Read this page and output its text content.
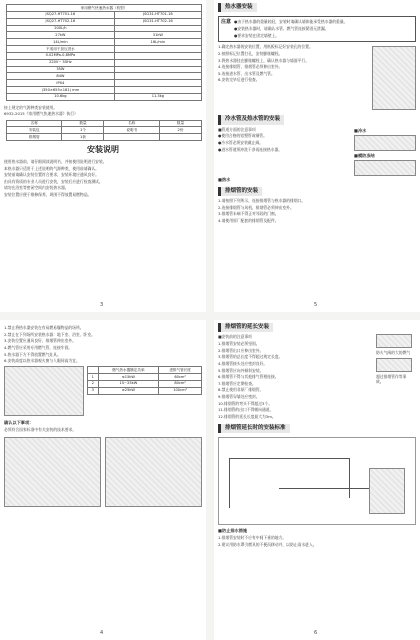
家用燃气快速热水器（机型）	
JSQ27-HT701-16	JSG31-HT701-16
JSQ27-HT702-16	JSG31-HT702-16
200L/h	
27kW	31kW
14L/min	16L/min
不适用于加压进水	
0.02MPa-0.8MPa	
220V~ 50Hz	
35W	
84W	
IPX4	
(350×655×181) mm	
10.6kg	11.3kg

按上规定的气源种类安装使用。

6932-2015《家用燃气快速热水器》执行）

名称	数量	名称	数量
安装包	1个	说明书	2份
排烟管	1套		
安装说明

使用热水器前，请仔细阅读说明书，并按使用说明进行安装。

本热水器只适用于上述说明的气源种类，使用前请确认。

安装前请确认安装位置符合要求，安装环境应通风良好。

由具有资质的专业人员进行安装，安装后应进行检查测试。

请勿在浴室等密闭空间内安装热水器。

安装位置应便于维修保养，周围不得放置易燃物品。

3
热水器安装
注意 ●由于热水器的重量较轻，安装时请确认墙体能承受热水器的重量。

●安装热水器时，请确认水管、燃气管连接紧固无泄漏。

●要求安装在固定墙壁上。

1.确定热水器的安装位置，用纸板标记好安装孔的位置。

2.按照标记位置打孔，安装膨胀螺栓。

3.将热水器挂在膨胀螺栓上，确认热水器与墙面平行。

4.连接排烟管，排烟管必须伸出室外。

5.连接进水管、出水管及燃气管。

6.安装完毕后进行检查。

冷水管及热水管的安装

■管道方面的注意事项

●使用合格的铝塑管或铜管。

●冷水管必须安装截止阀。

●进水管道须冲洗干净再连接热水器。

■冷水

■模防冻结

■热水

排烟管的安装

1.请按照下列所示，连接排烟管与热水器的排烟口。

2.连接排烟管与风机，排烟管必须伸出室外。

3.排烟管末端不得正对邻居的门窗。

4.请使用原厂配套的排烟管及配件。

5

1.禁止将热水器安装在有易燃易爆物品的场所。

2.禁止在下列场所安装热水器：地下室、浴室、卧室。

3.安装位置应通风良好，排烟管伸出室外。

4.燃气管应采用专用燃气管，连接牢固。

5.热水器下方不得放置燃气灶具。

6.安装高度以热水器观火窗与人眼同高为宜。

	燃气热水器额定功率	进排气管长度
1	≤15kW	60cm²
2	15~25kW	80cm²
3	≥25kW	100cm²

确认以下事项：

必须符合国家标准中有关安装的技术要求。

4
排烟管的延长安装

■安装前的注意事项

1.排烟管安装必须坚固。

2.排烟管出口应伸出室外。

3.排烟管的总长度不得超过规定长度。

4.排烟管接头处应密封良好。

5.排烟管应向外倾斜安装。

6.排烟管不得与其他排气管相连接。

7.排烟管应定期检查。

8.禁止使用非原厂排烟管。

9.排烟管穿墙处应密封。

10.排烟管的弯头不得超过3个。

11.排烟管的出口不得朝向通道。

12.排烟管的延长长度最大为3m。

防火气阀的大的燃气

超过排烟管作等事故。

排烟管延长时的安装标准

■防止排水措施

1.排烟管安装时不应有中间下垂的地方。

2.建议用防水罩引燃具的不便而移动并，以防止雨水进入。

6
